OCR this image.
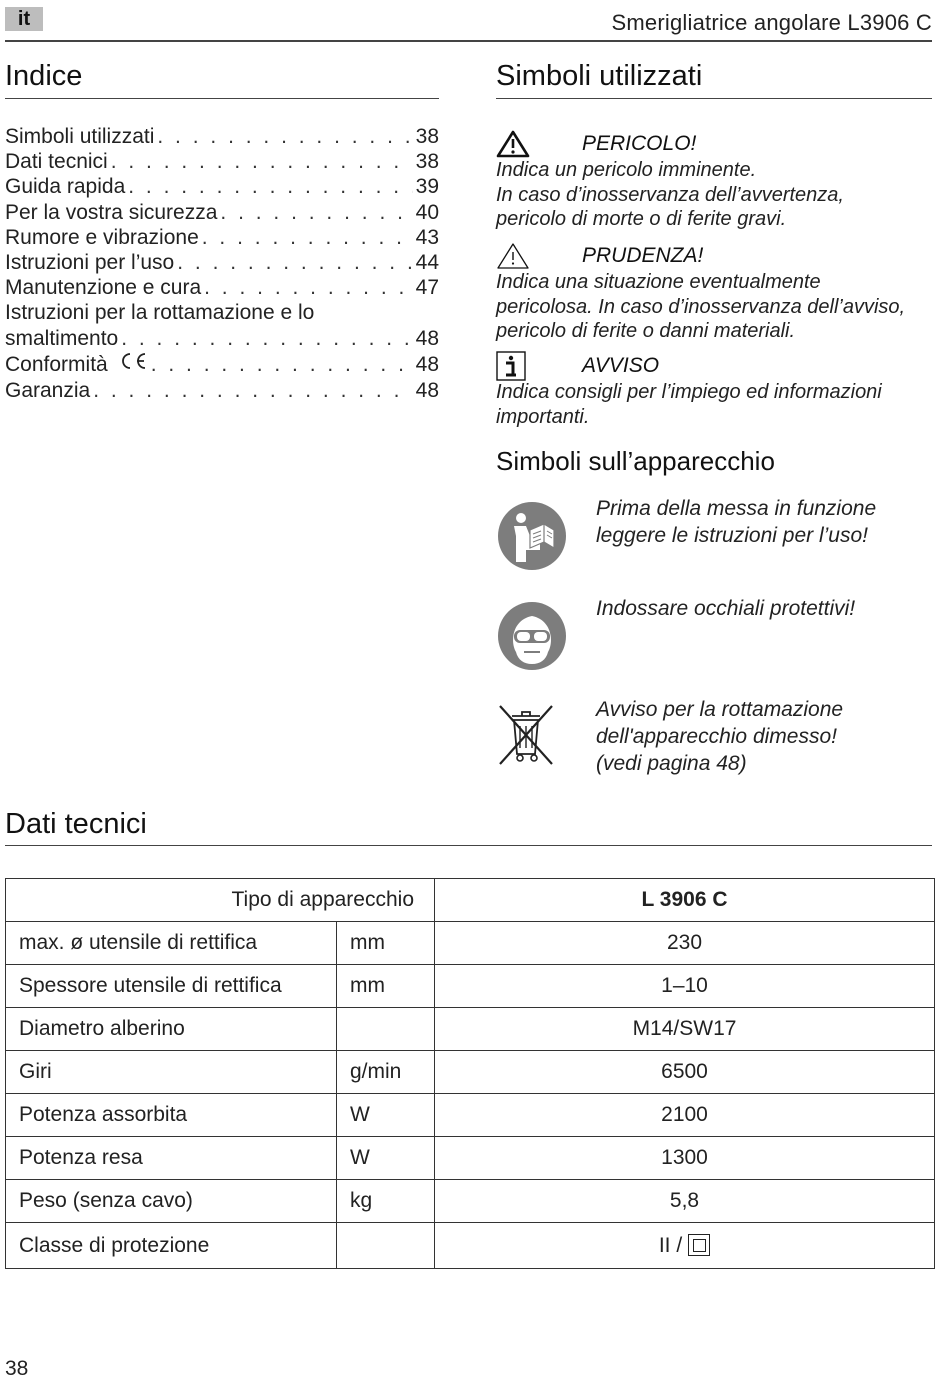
it	Smerigliatrice angolare L3906 C
Indice
Simboli utilizzati . . .	38
Dati tecnici . . .	38
Guida rapida . . .	39
Per la vostra sicurezza . . .	40
Rumore e vibrazione . . .	43
Istruzioni per l’uso . . .	44
Manutenzione e cura . . .	47
Istruzioni per la rottamazione e lo
smaltimento . . .	48
Conformità . . .	48
Garanzia . . .	48
Simboli utilizzati
PERICOLO!
Indica un pericolo imminente.
In caso d’inosservanza dell’avvertenza,
pericolo di morte o di ferite gravi.
PRUDENZA!
Indica una situazione eventualmente
pericolosa. In caso d’inosservanza dell’avviso,
pericolo di ferite o danni materiali.
AVVISO
Indica consigli per l’impiego ed informazioni
importanti.
Simboli sull’apparecchio
Prima della messa in funzione
leggere le istruzioni per l’uso!
Indossare occhiali protettivi!
Avviso per la rottamazione
dell'apparecchio dimesso!
(vedi pagina 48)
Dati tecnici
Tipo di apparecchio		L 3906 C
max. ø utensile di rettifica	mm	230
Spessore utensile di rettifica	mm	1–10
Diametro alberino		M14/SW17
Giri	g/min	6500
Potenza assorbita	W	2100
Potenza resa	W	1300
Peso (senza cavo)	kg	5,8
Classe di protezione		II /
38
